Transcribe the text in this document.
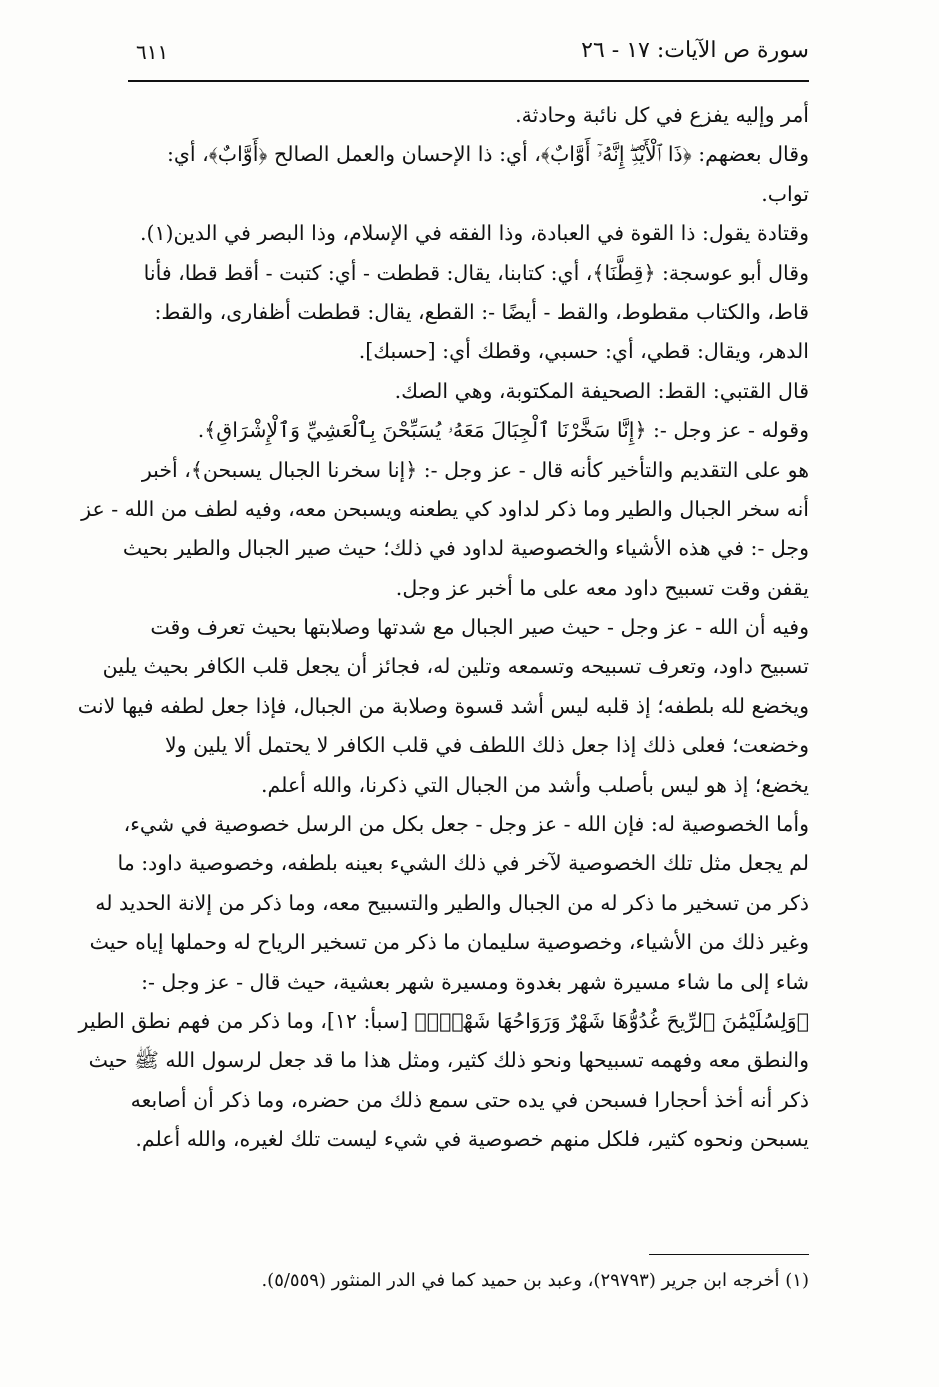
سورة ص الآيات: ١٧ - ٢٦
٦١١
أمر وإليه يفزع في كل نائبة وحادثة.
وقال بعضهم: ﴿ذَا ٱلْأَيْدِۖ إِنَّهُۥٓ أَوَّابٌ﴾، أي: ذا الإحسان والعمل الصالح ﴿أَوَّابٌ﴾، أي:
تواب.
وقتادة يقول: ذا القوة في العبادة، وذا الفقه في الإسلام، وذا البصر في الدين(١).
وقال أبو عوسجة: ﴿قِطَّنَا﴾، أي: كتابنا، يقال: قططت - أي: كتبت - أقط قطا، فأنا
قاط، والكتاب مقطوط، والقط - أيضًا -: القطع، يقال: قططت أظفارى، والقط:
الدهر، ويقال: قطي، أي: حسبي، وقطك أي: [حسبك].
قال القتبي: القط: الصحيفة المكتوبة، وهي الصك.
وقوله - عز وجل -: ﴿إِنَّا سَخَّرْنَا ٱلْجِبَالَ مَعَهُۥ يُسَبِّحْنَ بِٱلْعَشِيِّ وَٱلْإِشْرَاقِ﴾.
هو على التقديم والتأخير كأنه قال - عز وجل -: ﴿إنا سخرنا الجبال يسبحن﴾، أخبر
أنه سخر الجبال والطير وما ذكر لداود كي يطعنه ويسبحن معه، وفيه لطف من الله - عز
وجل -: في هذه الأشياء والخصوصية لداود في ذلك؛ حيث صير الجبال والطير بحيث
يقفن وقت تسبيح داود معه على ما أخبر عز وجل.
وفيه أن الله - عز وجل - حيث صير الجبال مع شدتها وصلابتها بحيث تعرف وقت
تسبيح داود، وتعرف تسبيحه وتسمعه وتلين له، فجائز أن يجعل قلب الكافر بحيث يلين
ويخضع لله بلطفه؛ إذ قلبه ليس أشد قسوة وصلابة من الجبال، فإذا جعل لطفه فيها لانت
وخضعت؛ فعلى ذلك إذا جعل ذلك اللطف في قلب الكافر لا يحتمل ألا يلين ولا
يخضع؛ إذ هو ليس بأصلب وأشد من الجبال التي ذكرنا، والله أعلم.
وأما الخصوصية له: فإن الله - عز وجل - جعل بكل من الرسل خصوصية في شيء،
لم يجعل مثل تلك الخصوصية لآخر في ذلك الشيء بعينه بلطفه، وخصوصية داود: ما
ذكر من تسخير ما ذكر له من الجبال والطير والتسبيح معه، وما ذكر من إلانة الحديد له
وغير ذلك من الأشياء، وخصوصية سليمان ما ذكر من تسخير الرياح له وحملها إياه حيث
شاء إلى ما شاء مسيرة شهر بغدوة ومسيرة شهر بعشية، حيث قال - عز وجل -:
﴿وَلِسُلَيْمَٰنَ ٱلرِّيحَ غُدُوُّهَا شَهْرٌ وَرَوَاحُهَا شَهْرٌۖ﴾ [سبأ: ١٢]، وما ذكر من فهم نطق الطير
والنطق معه وفهمه تسبيحها ونحو ذلك كثير، ومثل هذا ما قد جعل لرسول الله ﷺ حيث
ذكر أنه أخذ أحجارا فسبحن في يده حتى سمع ذلك من حضره، وما ذكر أن أصابعه
يسبحن ونحوه كثير، فلكل منهم خصوصية في شيء ليست تلك لغيره، والله أعلم.
(١) أخرجه ابن جرير (٢٩٧٩٣)، وعبد بن حميد كما في الدر المنثور (٥/٥٥٩).
